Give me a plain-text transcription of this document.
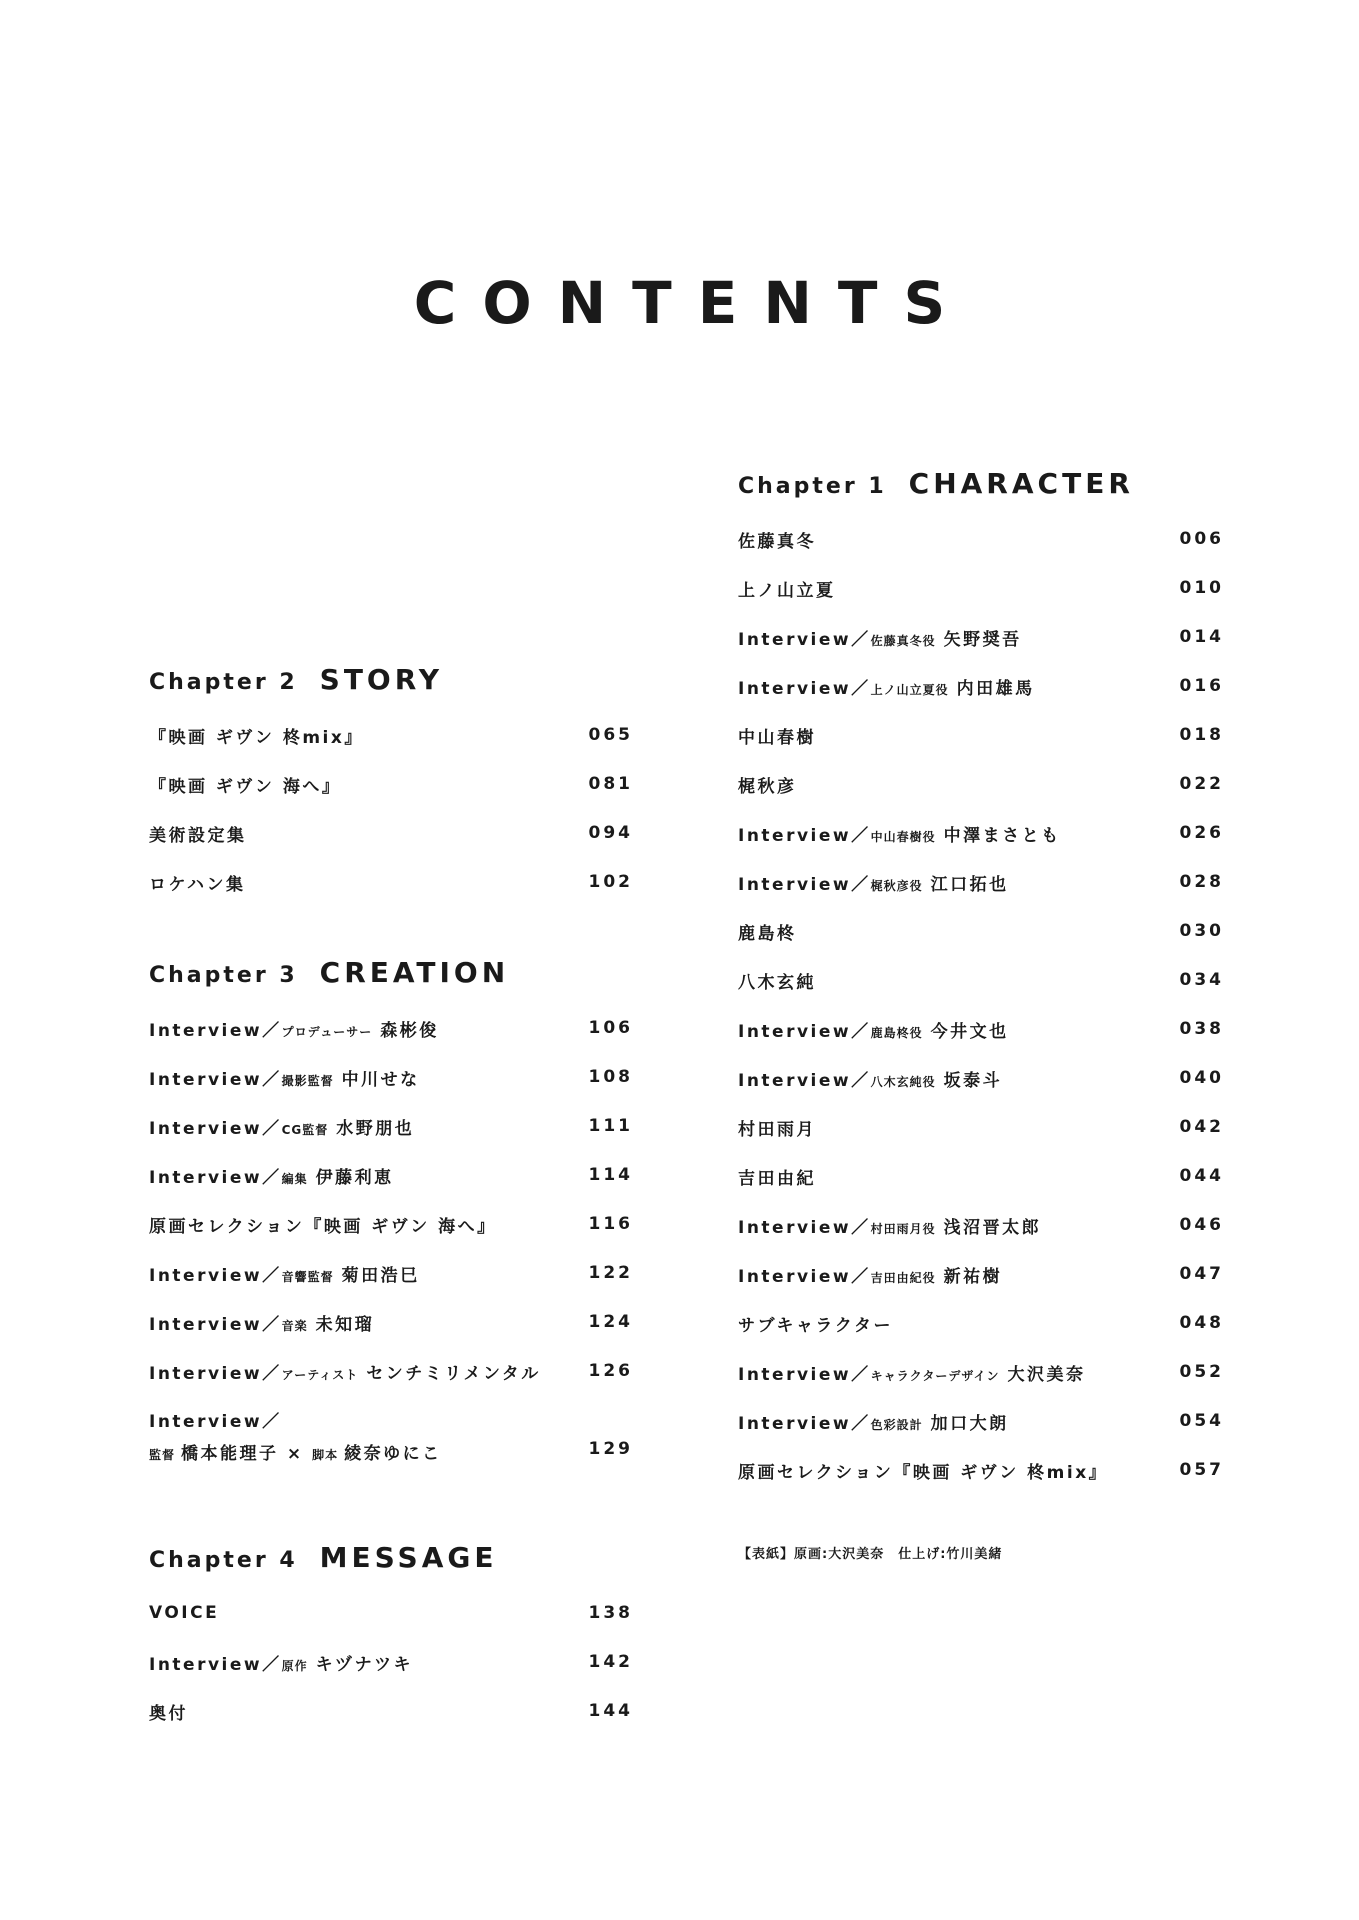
CONTENTS
Chapter 2 STORY
『映画 ギヴン 柊mix』	065
『映画 ギヴン 海へ』	081
美術設定集	094
ロケハン集	102
Chapter 3 CREATION
Interview／プロデューサー 森彬俊	106
Interview／撮影監督 中川せな	108
Interview／CG監督 水野朋也	111
Interview／編集 伊藤利恵	114
原画セレクション『映画 ギヴン 海へ』	116
Interview／音響監督 菊田浩巳	122
Interview／音楽 未知瑠	124
Interview／アーティスト センチミリメンタル	126
Interview／
監督 橋本能理子 × 脚本 綾奈ゆにこ	129
Chapter 4 MESSAGE
VOICE	138
Interview／原作 キヅナツキ	142
奥付	144
Chapter 1 CHARACTER
佐藤真冬	006
上ノ山立夏	010
Interview／佐藤真冬役 矢野奨吾	014
Interview／上ノ山立夏役 内田雄馬	016
中山春樹	018
梶秋彦	022
Interview／中山春樹役 中澤まさとも	026
Interview／梶秋彦役 江口拓也	028
鹿島柊	030
八木玄純	034
Interview／鹿島柊役 今井文也	038
Interview／八木玄純役 坂泰斗	040
村田雨月	042
吉田由紀	044
Interview／村田雨月役 浅沼晋太郎	046
Interview／吉田由紀役 新祐樹	047
サブキャラクター	048
Interview／キャラクターデザイン 大沢美奈	052
Interview／色彩設計 加口大朗	054
原画セレクション『映画 ギヴン 柊mix』	057
【表紙】原画:大沢美奈　仕上げ:竹川美緒
